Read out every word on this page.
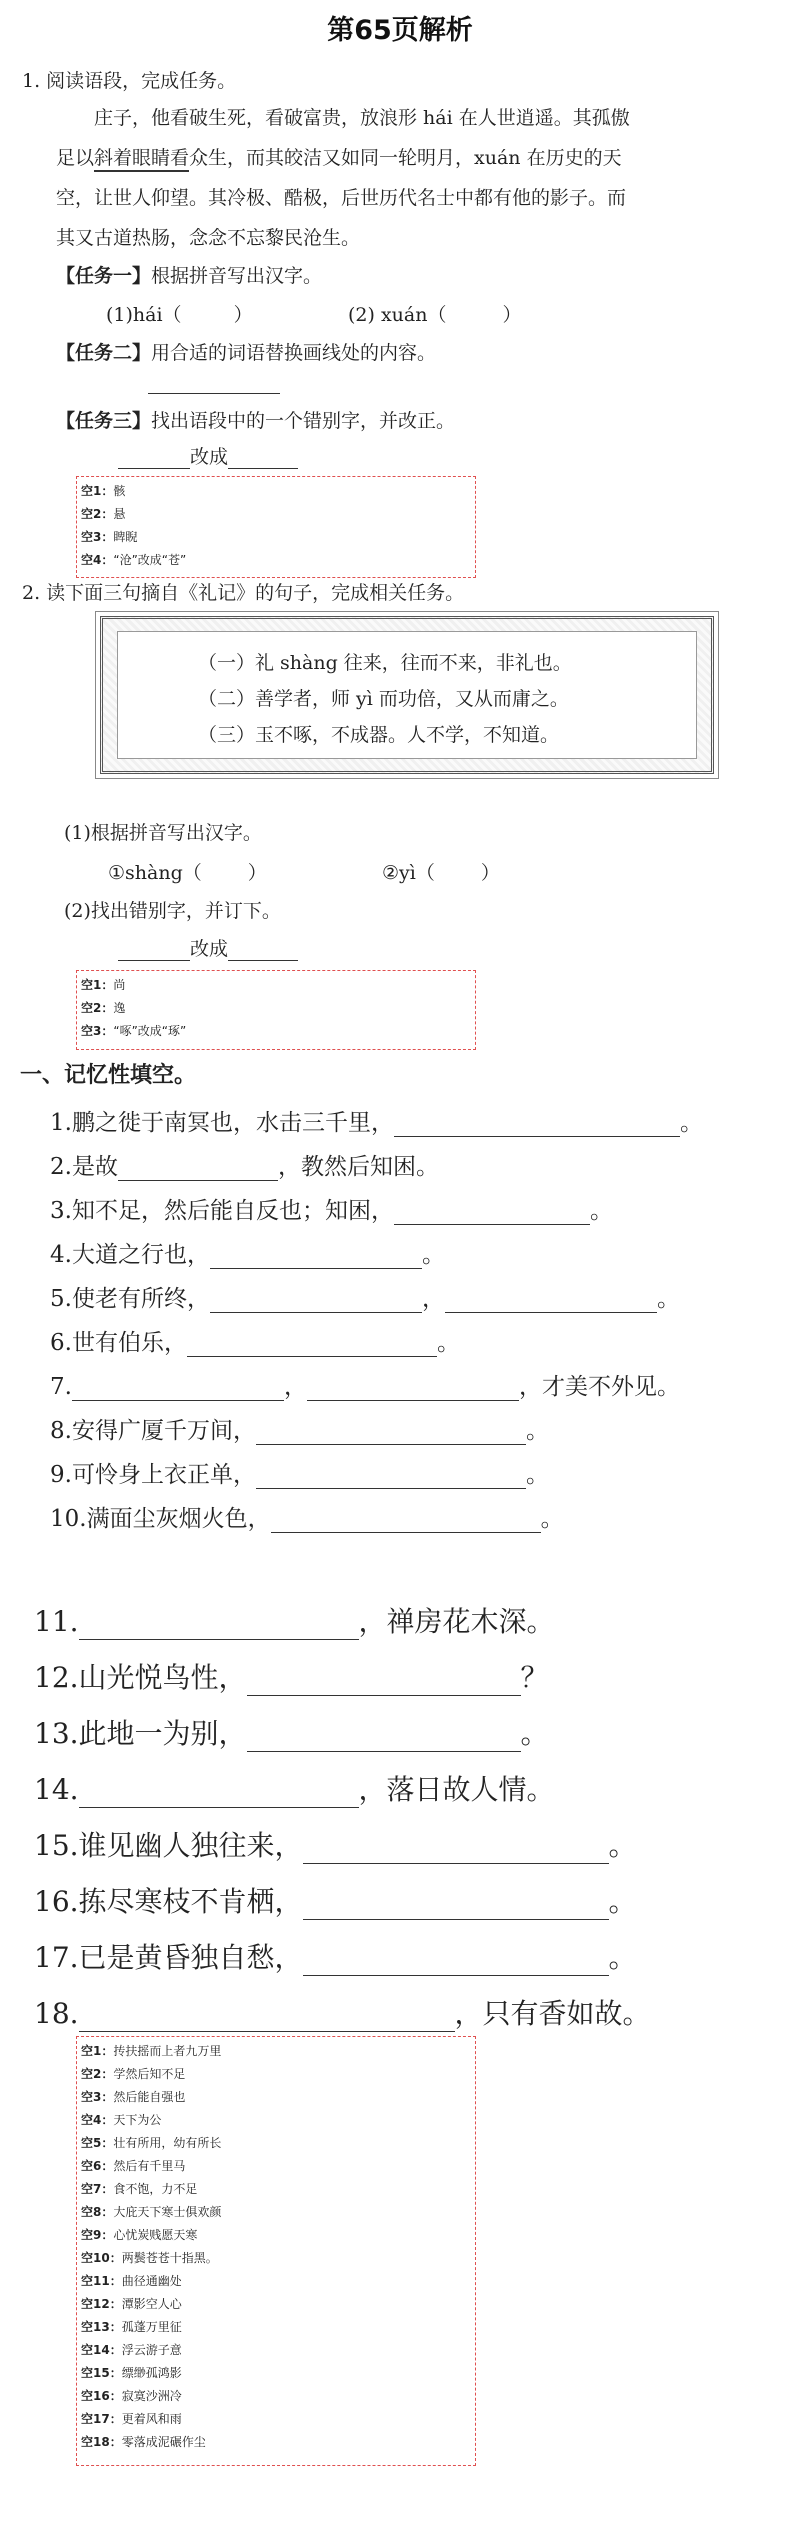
第65页解析
1. 阅读语段，完成任务。
庄子，他看破生死，看破富贵，放浪形 hái 在人世逍遥。其孤傲
足以斜着眼睛看众生，而其皎洁又如同一轮明月，xuán 在历史的天
空，让世人仰望。其冷极、酷极，后世历代名士中都有他的影子。而
其又古道热肠，念念不忘黎民沧生。
【任务一】根据拼音写出汉字。
(1)hái（	）	(2) xuán（	）
【任务二】用合适的词语替换画线处的内容。
【任务三】找出语段中的一个错别字，并改正。
改成
空1：骸
空2：悬
空3：睥睨
空4：“沧”改成“苍”
2. 读下面三句摘自《礼记》的句子，完成相关任务。
（一）礼 shàng 往来，往而不来，非礼也。
（二）善学者，师 yì 而功倍，又从而庸之。
（三）玉不啄，不成器。人不学，不知道。
(1)根据拼音写出汉字。
①shàng（ ）	②yì（ ）
(2)找出错别字，并订下。
改成
空1：尚
空2：逸
空3：“啄”改成“琢”
一、记忆性填空。
1.鹏之徙于南冥也，水击三千里，	。
2.是故	，教然后知困。
3.知不足，然后能自反也；知困，	。
4.大道之行也，	。
5.使老有所终，	，	。
6.世有伯乐，	。
7.	，	，才美不外见。
8.安得广厦千万间，	。
9.可怜身上衣正单，	。
10.满面尘灰烟火色，	。
11.	，禅房花木深。
12.山光悦鸟性，	？
13.此地一为别，	。
14.	，落日故人情。
15.谁见幽人独往来，	。
16.拣尽寒枝不肯栖，	。
17.已是黄昏独自愁，	。
18.	，只有香如故。
空1：抟扶摇而上者九万里
空2：学然后知不足
空3：然后能自强也
空4：天下为公
空5：壮有所用，幼有所长
空6：然后有千里马
空7：食不饱，力不足
空8：大庇天下寒士俱欢颜
空9：心忧炭贱愿天寒
空10：两鬓苍苍十指黑。
空11：曲径通幽处
空12：潭影空人心
空13：孤蓬万里征
空14：浮云游子意
空15：缥缈孤鸿影
空16：寂寞沙洲冷
空17：更着风和雨
空18：零落成泥碾作尘
